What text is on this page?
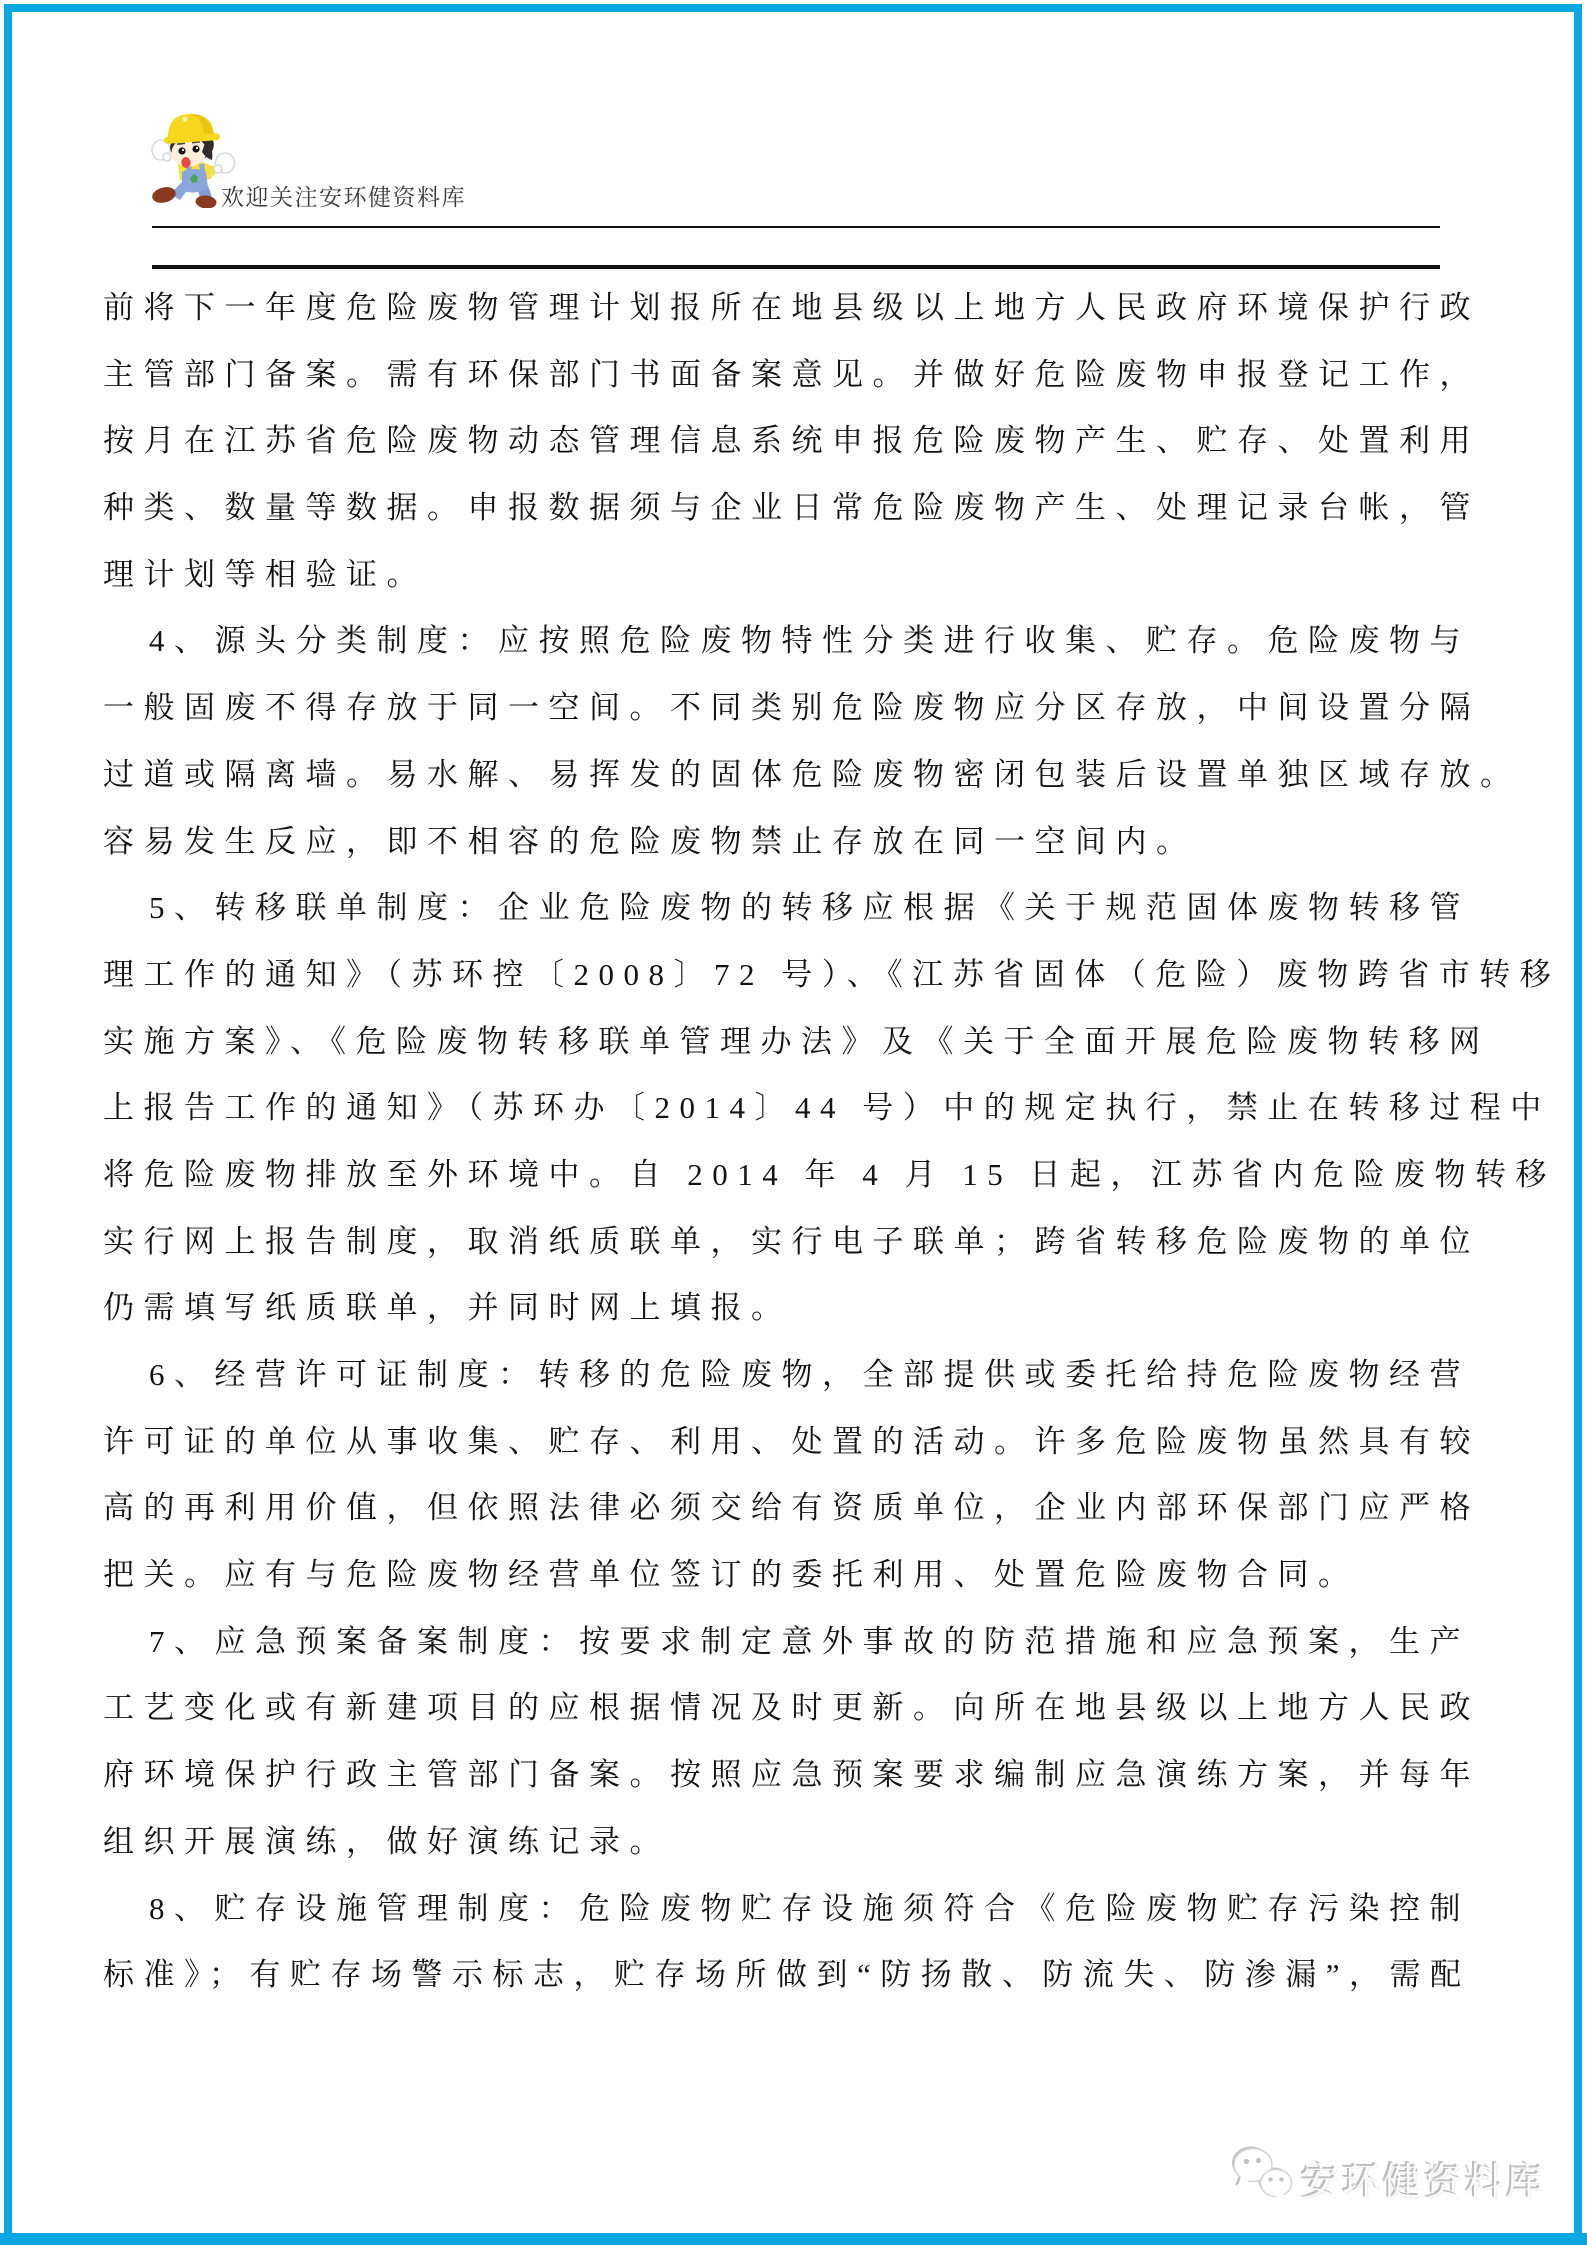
欢迎关注安环健资料库
前将下一年度危险废物管理计划报所在地县级以上地方人民政府环境保护行政
主管部门备案。需有环保部门书面备案意见。并做好危险废物申报登记工作，
按月在江苏省危险废物动态管理信息系统申报危险废物产生、贮存、处置利用
种类、数量等数据。申报数据须与企业日常危险废物产生、处理记录台帐，管
理计划等相验证。
4、源头分类制度：应按照危险废物特性分类进行收集、贮存。危险废物与
一般固废不得存放于同一空间。不同类别危险废物应分区存放，中间设置分隔
过道或隔离墙。易水解、易挥发的固体危险废物密闭包装后设置单独区域存放。
容易发生反应，即不相容的危险废物禁止存放在同一空间内。
5、转移联单制度：企业危险废物的转移应根据《关于规范固体废物转移管
理工作的通知》（苏环控〔2008〕72 号）、《江苏省固体（危险）废物跨省市转移
实施方案》、《危险废物转移联单管理办法》及《关于全面开展危险废物转移网
上报告工作的通知》（苏环办〔2014〕44 号）中的规定执行，禁止在转移过程中
将危险废物排放至外环境中。自 2014 年 4 月 15 日起，江苏省内危险废物转移
实行网上报告制度，取消纸质联单，实行电子联单；跨省转移危险废物的单位
仍需填写纸质联单，并同时网上填报。
6、经营许可证制度：转移的危险废物，全部提供或委托给持危险废物经营
许可证的单位从事收集、贮存、利用、处置的活动。许多危险废物虽然具有较
高的再利用价值，但依照法律必须交给有资质单位，企业内部环保部门应严格
把关。应有与危险废物经营单位签订的委托利用、处置危险废物合同。
7、应急预案备案制度：按要求制定意外事故的防范措施和应急预案，生产
工艺变化或有新建项目的应根据情况及时更新。向所在地县级以上地方人民政
府环境保护行政主管部门备案。按照应急预案要求编制应急演练方案，并每年
组织开展演练，做好演练记录。
8、贮存设施管理制度：危险废物贮存设施须符合《危险废物贮存污染控制
标准》；有贮存场警示标志，贮存场所做到“防扬散、防流失、防渗漏”，需配
安环健资料库
